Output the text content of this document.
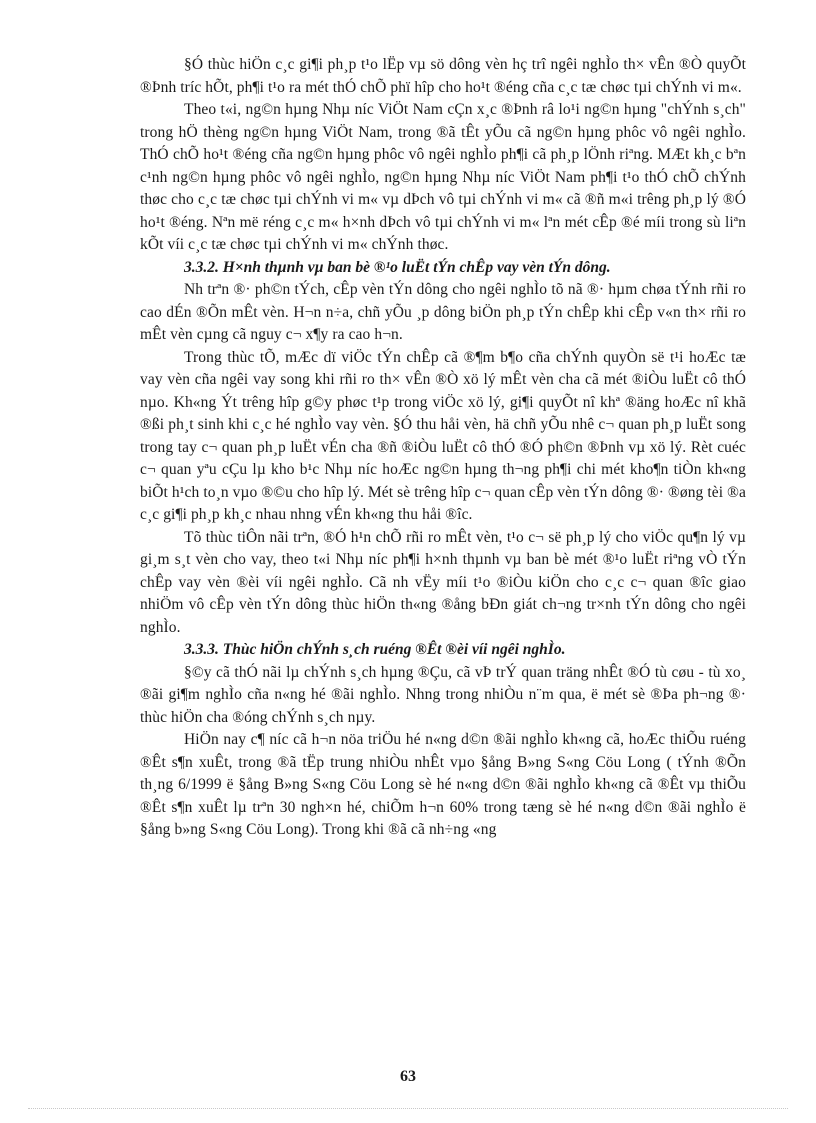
§Ó thùc hiÖn c¸c gi¶i ph¸p t¹o lËp vµ sö dông vèn hç trî ngêi nghÌo th× vÊn ®Ò quyÕt ®Þnh tríc hÕt, ph¶i t¹o ra mét thÓ chÕ phï hîp cho ho¹t ®éng cña c¸c tæ chøc tµi chÝnh vi m«.

Theo t«i, ng©n hµng Nhµ níc ViÖt Nam cÇn x¸c ®Þnh râ lo¹i ng©n hµng "chÝnh s¸ch" trong hÖ thèng ng©n hµng ViÖt Nam, trong ®ã tÊt yÕu cã ng©n hµng phôc vô ngêi nghÌo. ThÓ chÕ ho¹t ®éng cña ng©n hµng phôc vô ngêi nghÌo ph¶i cã ph¸p lÖnh riªng. MÆt kh¸c bªn c¹nh ng©n hµng phôc vô ngêi nghÌo, ng©n hµng Nhµ níc ViÖt Nam ph¶i t¹o thÓ chÕ chÝnh thøc cho c¸c tæ chøc tµi chÝnh vi m« vµ dÞch vô tµi chÝnh vi m« cã ®ñ m«i trêng ph¸p lý ®Ó ho¹t ®éng. Nªn më réng c¸c m« h×nh dÞch vô tµi chÝnh vi m« lªn mét cÊp ®é míi trong sù liªn kÕt víi c¸c tæ chøc tµi chÝnh vi m« chÝnh thøc.

3.3.2. H×nh thµnh vµ ban bè ®¹o luËt tÝn chÊp vay vèn tÝn dông.

Nh trªn ®· ph©n tÝch, cÊp vèn tÝn dông cho ngêi nghÌo tõ nã ®· hµm chøa tÝnh rñi ro cao dÉn ®Õn mÊt vèn. H¬n n÷a, chñ yÕu ¸p dông biÖn ph¸p tÝn chÊp khi cÊp v«n th× rñi ro mÊt vèn cµng cã nguy c¬ x¶y ra cao h¬n.

Trong thùc tÕ, mÆc dï viÖc tÝn chÊp cã ®¶m b¶o cña chÝnh quyÒn së t¹i hoÆc tæ vay vèn cña ngêi vay song khi rñi ro th× vÊn ®Ò xö lý mÊt vèn cha cã mét ®iÒu luËt cô thÓ nµo. Kh«ng Ýt trêng hîp g©y phøc t¹p trong viÖc xö lý, gi¶i quyÕt nî khª ®äng hoÆc nî khã ®ßi ph¸t sinh khi c¸c hé nghÌo vay vèn. §Ó thu håi vèn, hä chñ yÕu nhê c¬ quan ph¸p luËt song trong tay c¬ quan ph¸p luËt vÉn cha ®ñ ®iÒu luËt cô thÓ ®Ó ph©n ®Þnh vµ xö lý. Rèt cuéc c¬ quan yªu cÇu lµ kho b¹c Nhµ níc hoÆc ng©n hµng th¬ng ph¶i chi mét kho¶n tiÒn kh«ng biÕt h¹ch to¸n vµo ®©u cho hîp lý. Mét sè trêng hîp c¬ quan cÊp vèn tÝn dông ®· ®øng tèi ®a c¸c gi¶i ph¸p kh¸c nhau nhng vÉn kh«ng thu håi ®îc.

Tõ thùc tiÔn nãi trªn, ®Ó h¹n chÕ rñi ro mÊt vèn, t¹o c¬ së ph¸p lý cho viÖc qu¶n lý vµ gi¸m s¸t vèn cho vay, theo t«i Nhµ níc ph¶i h×nh thµnh vµ ban bè mét ®¹o luËt riªng vÒ tÝn chÊp vay vèn ®èi víi ngêi nghÌo. Cã nh vËy míi t¹o ®iÒu kiÖn cho c¸c c¬ quan ®îc giao nhiÖm vô cÊp vèn tÝn dông thùc hiÖn th«ng ®ång bÐn giát ch¬ng tr×nh tÝn dông cho ngêi nghÌo.

3.3.3. Thùc hiÖn chÝnh s¸ch ruéng ®Êt ®èi víi ngêi nghÌo.

§©y cã thÓ nãi lµ chÝnh s¸ch hµng ®Çu, cã vÞ trÝ quan träng nhÊt ®Ó tù cøu - tù xo¸ ®ãi gi¶m nghÌo cña n«ng hé ®ãi nghÌo. Nhng trong nhiÒu n¨m qua, ë mét sè ®Þa ph¬ng ®· thùc hiÖn cha ®óng chÝnh s¸ch nµy.

HiÖn nay c¶ níc cã h¬n nöa triÖu hé n«ng d©n ®ãi nghÌo kh«ng cã, hoÆc thiÕu ruéng ®Êt s¶n xuÊt, trong ®ã tËp trung nhiÒu nhÊt vµo §ång B»ng S«ng Cöu Long ( tÝnh ®Õn th¸ng 6/1999 ë §ång B»ng S«ng Cöu Long sè hé n«ng d©n ®ãi nghÌo kh«ng cã ®Êt vµ thiÕu ®Êt s¶n xuÊt lµ trªn 30 ngh×n hé, chiÕm h¬n 60% trong tæng sè hé n«ng d©n ®ãi nghÌo ë §ång b»ng S«ng Cöu Long). Trong khi ®ã cã nh÷ng «ng

63
